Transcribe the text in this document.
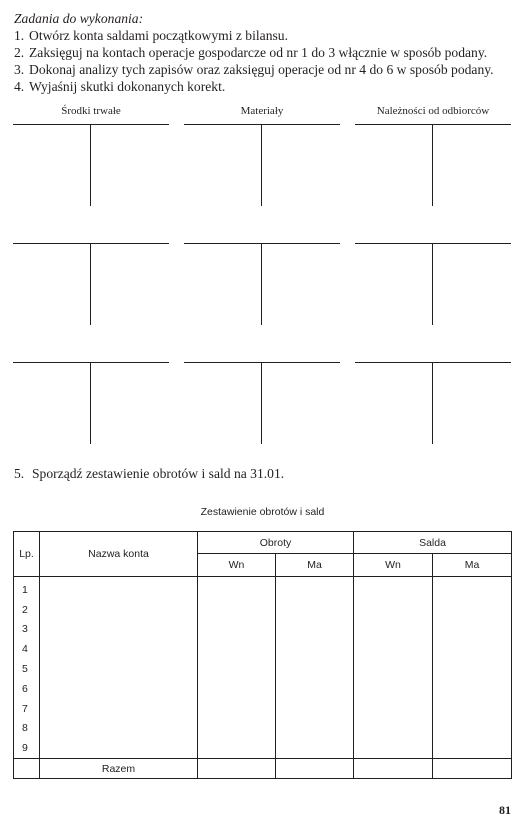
Zadania do wykonania:
1. Otwórz konta saldami początkowymi z bilansu.
2. Zaksięguj na kontach operacje gospodarcze od nr 1 do 3 włącznie w sposób podany.
3. Dokonaj analizy tych zapisów oraz zaksięguj operacje od nr 4 do 6 w sposób podany.
4. Wyjaśnij skutki dokonanych korekt.
Środki trwałe	Materiały	Należności od odbiorców
5. Sporządź zestawienie obrotów i sald na 31.01.
Zestawienie obrotów i sald
Lp.	Nazwa konta	Obroty		Salda	
		Wn	Ma	Wn	Ma
1					
2					
3					
4					
5					
6					
7					
8					
9					
	Razem				
81
